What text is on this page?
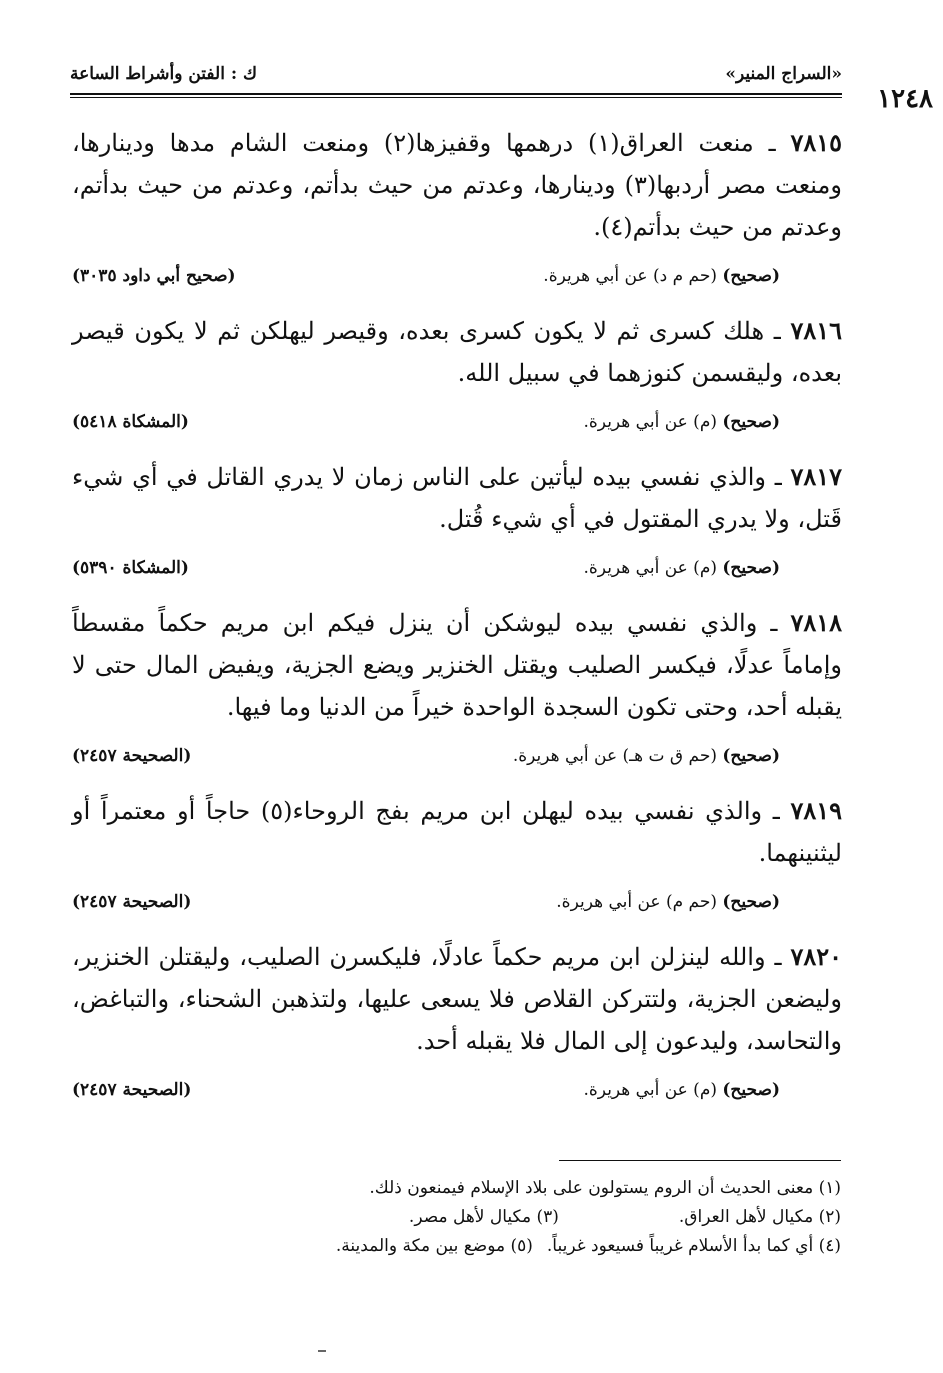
«السراج المنير»
ك : الفتن وأشراط الساعة
١٢٤٨

٧٨١٥ ـ منعت العراق(١) درهمها وقفيزها(٢) ومنعت الشام مدها ودينارها، ومنعت مصر أردبها(٣) ودينارها، وعدتم من حيث بدأتم، وعدتم من حيث بدأتم، وعدتم من حيث بدأتم(٤).

(صحيح) (حم م د) عن أبي هريرة.
(صحيح أبي داود ٣٠٣٥)

٧٨١٦ ـ هلك كسرى ثم لا يكون كسرى بعده، وقيصر ليهلكن ثم لا يكون قيصر بعده، وليقسمن كنوزهما في سبيل الله.

(صحيح) (م) عن أبي هريرة.
(المشكاة ٥٤١٨)

٧٨١٧ ـ والذي نفسي بيده ليأتين على الناس زمان لا يدري القاتل في أي شيء قَتل، ولا يدري المقتول في أي شيء قُتل.

(صحيح) (م) عن أبي هريرة.
(المشكاة ٥٣٩٠)

٧٨١٨ ـ والذي نفسي بيده ليوشكن أن ينزل فيكم ابن مريم حكماً مقسطاً وإماماً عدلًا، فيكسر الصليب ويقتل الخنزير ويضع الجزية، ويفيض المال حتى لا يقبله أحد، وحتى تكون السجدة الواحدة خيراً من الدنيا وما فيها.

(صحيح) (حم ق ت هـ) عن أبي هريرة.
(الصحيحة ٢٤٥٧)

٧٨١٩ ـ والذي نفسي بيده ليهلن ابن مريم بفج الروحاء(٥) حاجاً أو معتمراً أو ليثنينهما.

(صحيح) (حم م) عن أبي هريرة.
(الصحيحة ٢٤٥٧)

٧٨٢٠ ـ والله لينزلن ابن مريم حكماً عادلًا، فليكسرن الصليب، وليقتلن الخنزير، وليضعن الجزية، ولتتركن القلاص فلا يسعى عليها، ولتذهبن الشحناء، والتباغض، والتحاسد، وليدعون إلى المال فلا يقبله أحد.

(صحيح) (م) عن أبي هريرة.
(الصحيحة ٢٤٥٧)
(١) معنى الحديث أن الروم يستولون على بلاد الإسلام فيمنعون ذلك.
(٢) مكيال لأهل العراق.(٣) مكيال لأهل مصر.
(٤) أي كما بدأ الأسلام غريباً فسيعود غريباً.(٥) موضع بين مكة والمدينة.
